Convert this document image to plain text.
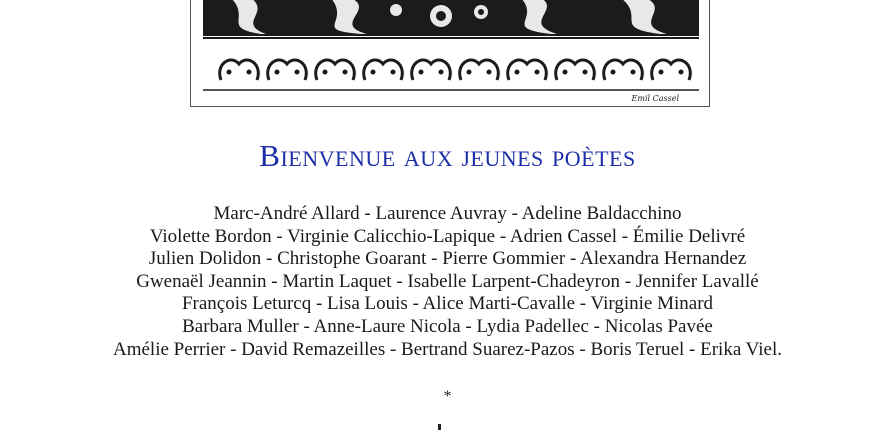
Emil Cassel
Bienvenue aux jeunes poètes
Marc-André Allard - Laurence Auvray - Adeline Baldacchino
Violette Bordon - Virginie Calicchio-Lapique - Adrien Cassel - Émilie Delivré
Julien Dolidon - Christophe Goarant - Pierre Gommier - Alexandra Hernandez
Gwenaël Jeannin - Martin Laquet - Isabelle Larpent-Chadeyron - Jennifer Lavallé
François Leturcq - Lisa Louis - Alice Marti-Cavalle - Virginie Minard
Barbara Muller - Anne-Laure Nicola - Lydia Padellec - Nicolas Pavée
Amélie Perrier - David Remazeilles - Bertrand Suarez-Pazos - Boris Teruel - Erika Viel.
*
